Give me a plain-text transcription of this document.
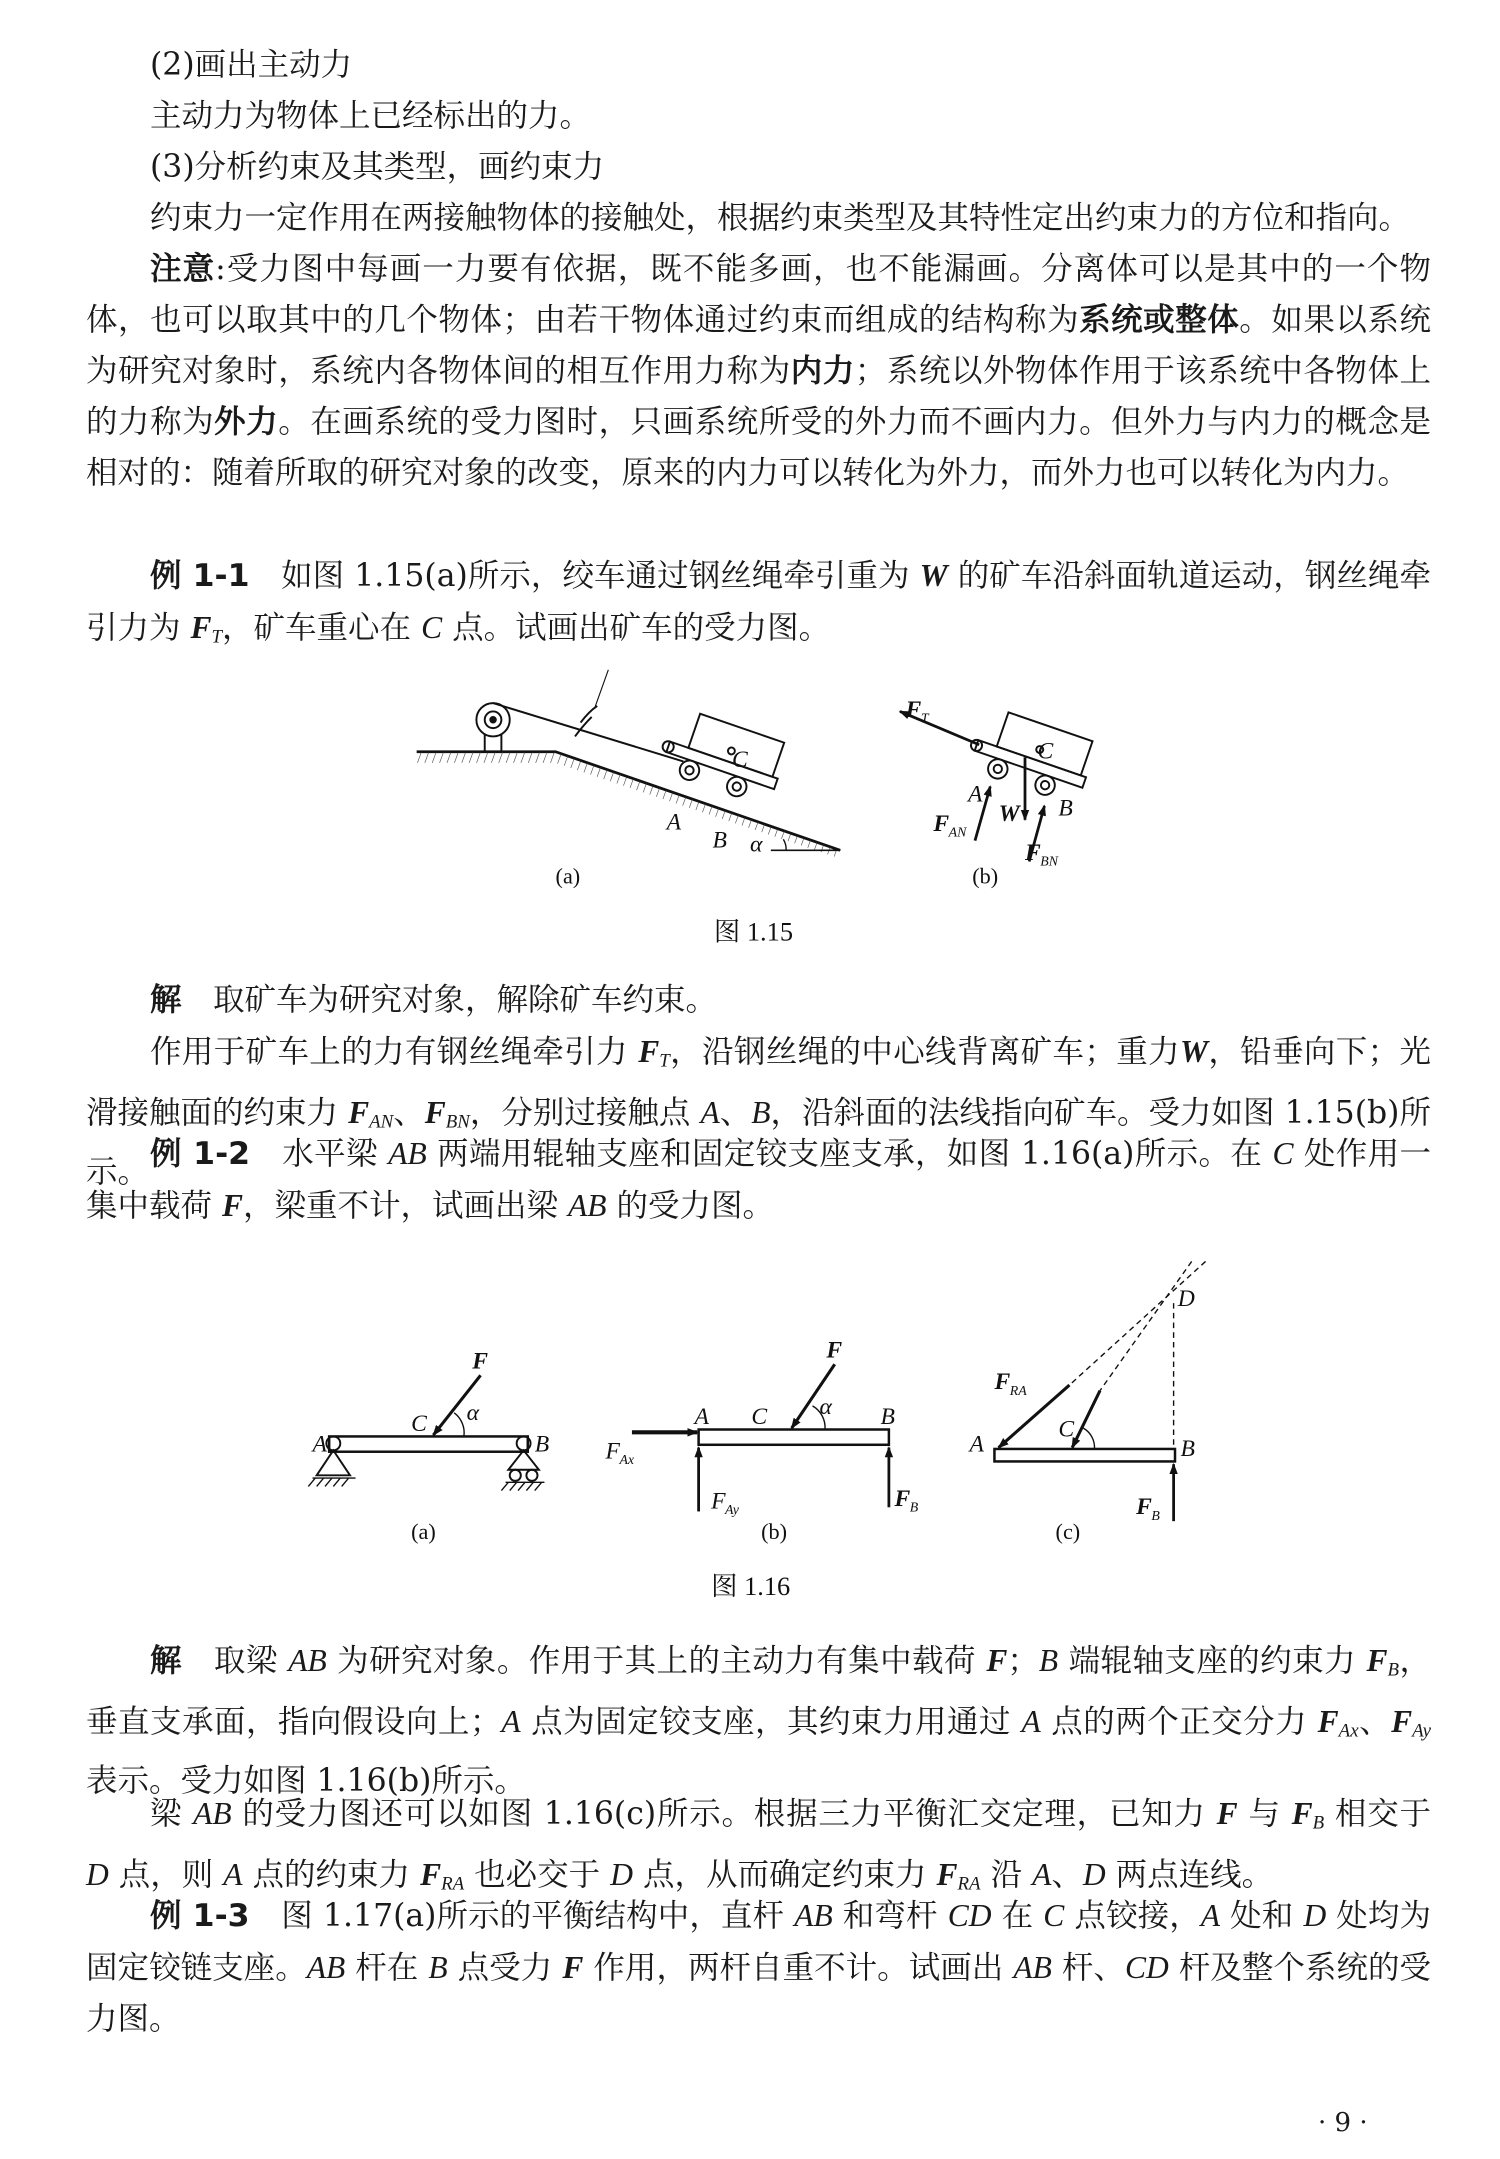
(2)画出主动力
主动力为物体上已经标出的力。
(3)分析约束及其类型，画约束力
约束力一定作用在两接触物体的接触处，根据约束类型及其特性定出约束力的方位和指向。
注意:受力图中每画一力要有依据，既不能多画，也不能漏画。分离体可以是其中的一个物体，也可以取其中的几个物体；由若干物体通过约束而组成的结构称为系统或整体。如果以系统为研究对象时，系统内各物体间的相互作用力称为内力；系统以外物体作用于该系统中各物体上的力称为外力。在画系统的受力图时，只画系统所受的外力而不画内力。但外力与内力的概念是相对的：随着所取的研究对象的改变，原来的内力可以转化为外力，而外力也可以转化为内力。
例 1-1　如图 1.15(a)所示，绞车通过钢丝绳牵引重为 W 的矿车沿斜面轨道运动，钢丝绳牵引力为 FT，矿车重心在 C 点。试画出矿车的受力图。
解　取矿车为研究对象，解除矿车约束。
作用于矿车上的力有钢丝绳牵引力 FT，沿钢丝绳的中心线背离矿车；重力W，铅垂向下；光滑接触面的约束力 FAN、FBN，分别过接触点 A、B，沿斜面的法线指向矿车。受力如图 1.15(b)所示。
例 1-2　水平梁 AB 两端用辊轴支座和固定铰支座支承，如图 1.16(a)所示。在 C 处作用一集中载荷 F，梁重不计，试画出梁 AB 的受力图。
解　取梁 AB 为研究对象。作用于其上的主动力有集中载荷 F；B 端辊轴支座的约束力 FB，垂直支承面，指向假设向上；A 点为固定铰支座，其约束力用通过 A 点的两个正交分力 FAx、FAy 表示。受力如图 1.16(b)所示。
梁 AB 的受力图还可以如图 1.16(c)所示。根据三力平衡汇交定理，已知力 F 与 FB 相交于 D 点，则 A 点的约束力 FRA 也必交于 D 点，从而确定约束力 FRA 沿 A、D 两点连线。
例 1-3　图 1.17(a)所示的平衡结构中，直杆 AB 和弯杆 CD 在 C 点铰接，A 处和 D 处均为固定铰链支座。AB 杆在 B 点受力 F 作用，两杆自重不计。试画出 AB 杆、CD 杆及整个系统的受力图。
C
A
B α
(a)
F T
C
A
B
W
F AN
F BN
(b)
图 1.15
F
α
C
A	B
(a)
F
α
A	C	B
F Ax
F Ay	F B
(b)
D
F RA
C
A	B
F B
(c)
图 1.16
· 9 ·
